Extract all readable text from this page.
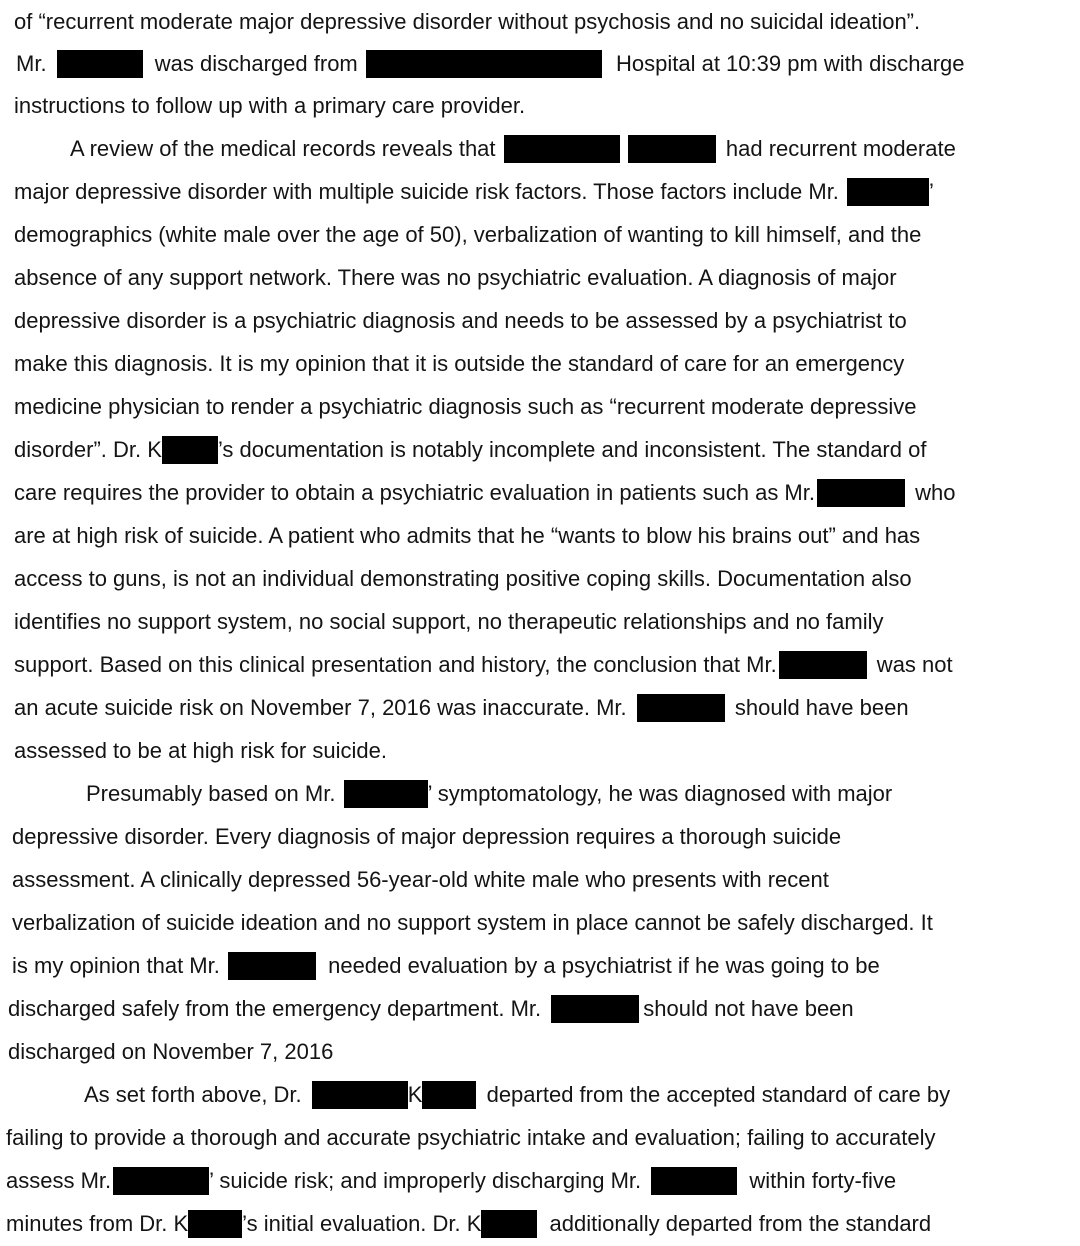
of “recurrent moderate major depressive disorder without psychosis and no suicidal ideation”.
Mr.	was discharged from	Hospital at 10:39 pm with discharge
instructions to follow up with a primary care provider.
A review of the medical records reveals that	had recurrent moderate
major depressive disorder with multiple suicide risk factors. Those factors include Mr.	’
demographics (white male over the age of 50), verbalization of wanting to kill himself, and the
absence of any support network. There was no psychiatric evaluation. A diagnosis of major
depressive disorder is a psychiatric diagnosis and needs to be assessed by a psychiatrist to
make this diagnosis. It is my opinion that it is outside the standard of care for an emergency
medicine physician to render a psychiatric diagnosis such as “recurrent moderate depressive
disorder”. Dr. K	’s documentation is notably incomplete and inconsistent. The standard of
care requires the provider to obtain a psychiatric evaluation in patients such as Mr.	who
are at high risk of suicide. A patient who admits that he “wants to blow his brains out” and has
access to guns, is not an individual demonstrating positive coping skills. Documentation also
identifies no support system, no social support, no therapeutic relationships and no family
support. Based on this clinical presentation and history, the conclusion that Mr.	was not
an acute suicide risk on November 7, 2016 was inaccurate. Mr.	should have been
assessed to be at high risk for suicide.
Presumably based on Mr.	’ symptomatology, he was diagnosed with major
depressive disorder. Every diagnosis of major depression requires a thorough suicide
assessment. A clinically depressed 56-year-old white male who presents with recent
verbalization of suicide ideation and no support system in place cannot be safely discharged. It
is my opinion that Mr.	needed evaluation by a psychiatrist if he was going to be
discharged safely from the emergency department. Mr.	should not have been
discharged on November 7, 2016
As set forth above, Dr.	K	departed from the accepted standard of care by
failing to provide a thorough and accurate psychiatric intake and evaluation; failing to accurately
assess Mr.	’ suicide risk; and improperly discharging Mr.	within forty-five
minutes from Dr. K ’s initial evaluation. Dr. K	additionally departed from the standard
